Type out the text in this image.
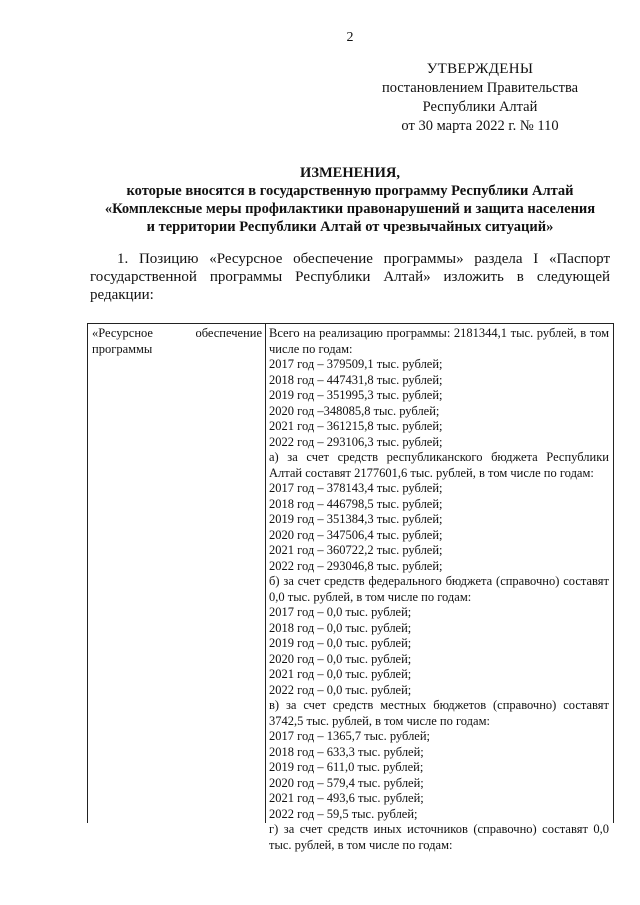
2
УТВЕРЖДЕНЫ
постановлением Правительства
Республики Алтай
от 30 марта 2022 г. № 110
ИЗМЕНЕНИЯ,
которые вносятся в государственную программу Республики Алтай
«Комплексные меры профилактики правонарушений и защита населения
и территории Республики Алтай от чрезвычайных ситуаций»
1. Позицию «Ресурсное обеспечение программы» раздела I «Паспорт государственной программы Республики Алтай» изложить в следующей редакции:
«Ресурсное	обеспечение
программы
Всего на реализацию программы: 2181344,1 тыс. рублей, в том числе по годам:
2017 год – 379509,1 тыс. рублей;
2018 год – 447431,8 тыс. рублей;
2019 год – 351995,3 тыс. рублей;
2020 год –348085,8 тыс. рублей;
2021 год – 361215,8 тыс. рублей;
2022 год – 293106,3 тыс. рублей;
а) за счет средств республиканского бюджета Республики Алтай составят 2177601,6 тыс. рублей, в том числе по годам:
2017 год – 378143,4 тыс. рублей;
2018 год – 446798,5 тыс. рублей;
2019 год – 351384,3 тыс. рублей;
2020 год – 347506,4 тыс. рублей;
2021 год – 360722,2 тыс. рублей;
2022 год – 293046,8 тыс. рублей;
б) за счет средств федерального бюджета (справочно) составят 0,0 тыс. рублей, в том числе по годам:
2017 год – 0,0 тыс. рублей;
2018 год – 0,0 тыс. рублей;
2019 год – 0,0 тыс. рублей;
2020 год – 0,0 тыс. рублей;
2021 год – 0,0 тыс. рублей;
2022 год – 0,0 тыс. рублей;
в) за счет средств местных бюджетов (справочно) составят 3742,5 тыс. рублей, в том числе по годам:
2017 год – 1365,7 тыс. рублей;
2018 год – 633,3 тыс. рублей;
2019 год – 611,0 тыс. рублей;
2020 год – 579,4 тыс. рублей;
2021 год – 493,6 тыс. рублей;
2022 год – 59,5 тыс. рублей;
г) за счет средств иных источников (справочно) составят 0,0 тыс. рублей, в том числе по годам:
